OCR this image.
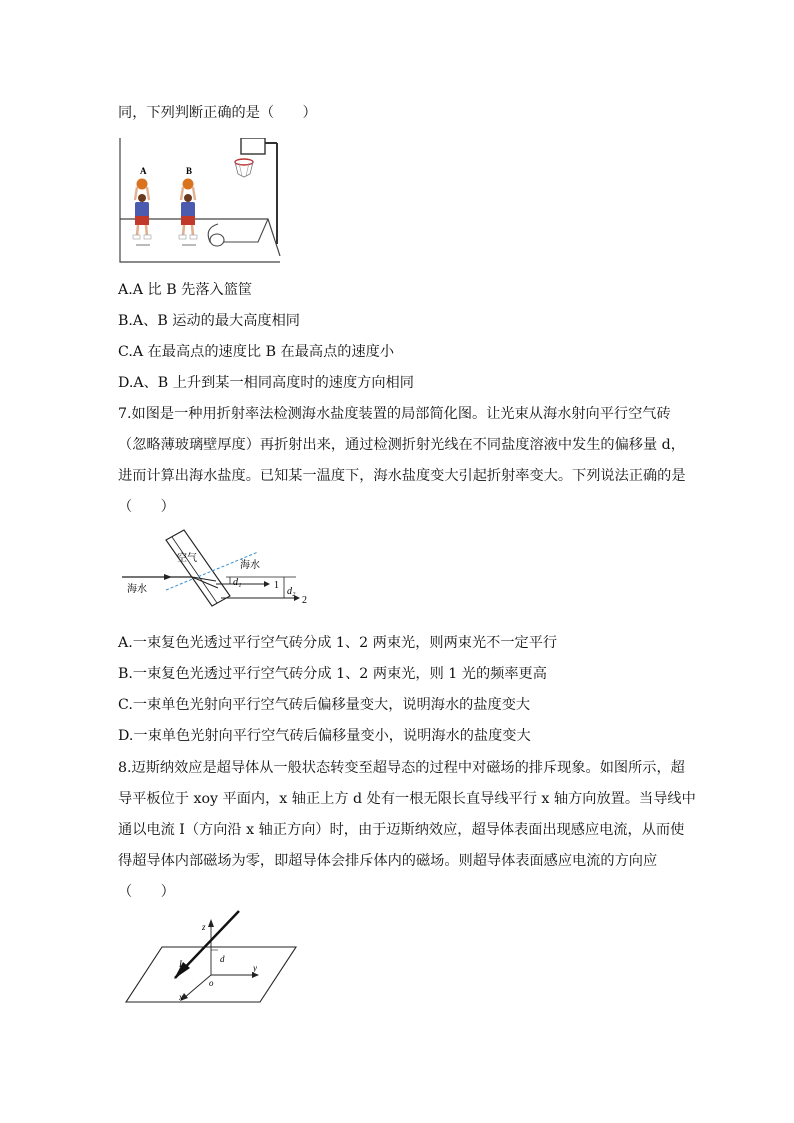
同，下列判断正确的是（　　）
A	B
A.A 比 B 先落入篮筐
B.A、B 运动的最大高度相同
C.A 在最高点的速度比 B 在最高点的速度小
D.A、B 上升到某一相同高度时的速度方向相同
7.如图是一种用折射率法检测海水盐度装置的局部简化图。让光束从海水射向平行空气砖
（忽略薄玻璃壁厚度）再折射出来，通过检测折射光线在不同盐度溶液中发生的偏移量 d，
进而计算出海水盐度。已知某一温度下，海水盐度变大引起折射率变大。下列说法正确的是
（　　）
空气
海水
海水
d₁
d₂
1
2
A.一束复色光透过平行空气砖分成 1、2 两束光，则两束光不一定平行
B.一束复色光透过平行空气砖分成 1、2 两束光，则 1 光的频率更高
C.一束单色光射向平行空气砖后偏移量变大，说明海水的盐度变大
D.一束单色光射向平行空气砖后偏移量变小，说明海水的盐度变大
8.迈斯纳效应是超导体从一般状态转变至超导态的过程中对磁场的排斥现象。如图所示，超
导平板位于 xoy 平面内，x 轴正上方 d 处有一根无限长直导线平行 x 轴方向放置。当导线中
通以电流 I（方向沿 x 轴正方向）时，由于迈斯纳效应，超导体表面出现感应电流，从而使
得超导体内部磁场为零，即超导体会排斥体内的磁场。则超导体表面感应电流的方向应
（　　）
z
y
x
o
d
I
